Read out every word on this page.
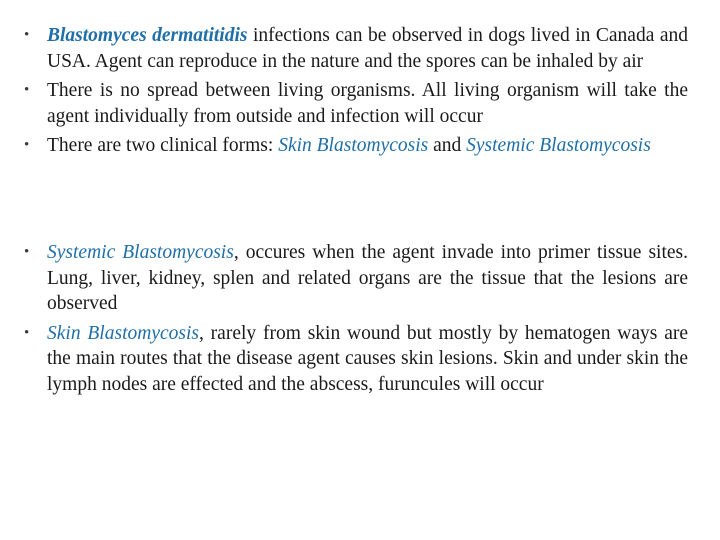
• Blastomyces dermatitidis infections can be observed in dogs lived in Canada and USA. Agent can reproduce in the nature and the spores can be inhaled by air
• There is no spread between living organisms. All living organism will take the agent individually from outside and infection will occur
• There are two clinical forms: Skin Blastomycosis and Systemic Blastomycosis
• Systemic Blastomycosis, occures when the agent invade into primer tissue sites. Lung, liver, kidney, splen and related organs are the tissue that the lesions are observed
• Skin Blastomycosis, rarely from skin wound but mostly by hematogen ways are the main routes that the disease agent causes skin lesions. Skin and under skin the lymph nodes are effected and the abscess, furuncules will occur
